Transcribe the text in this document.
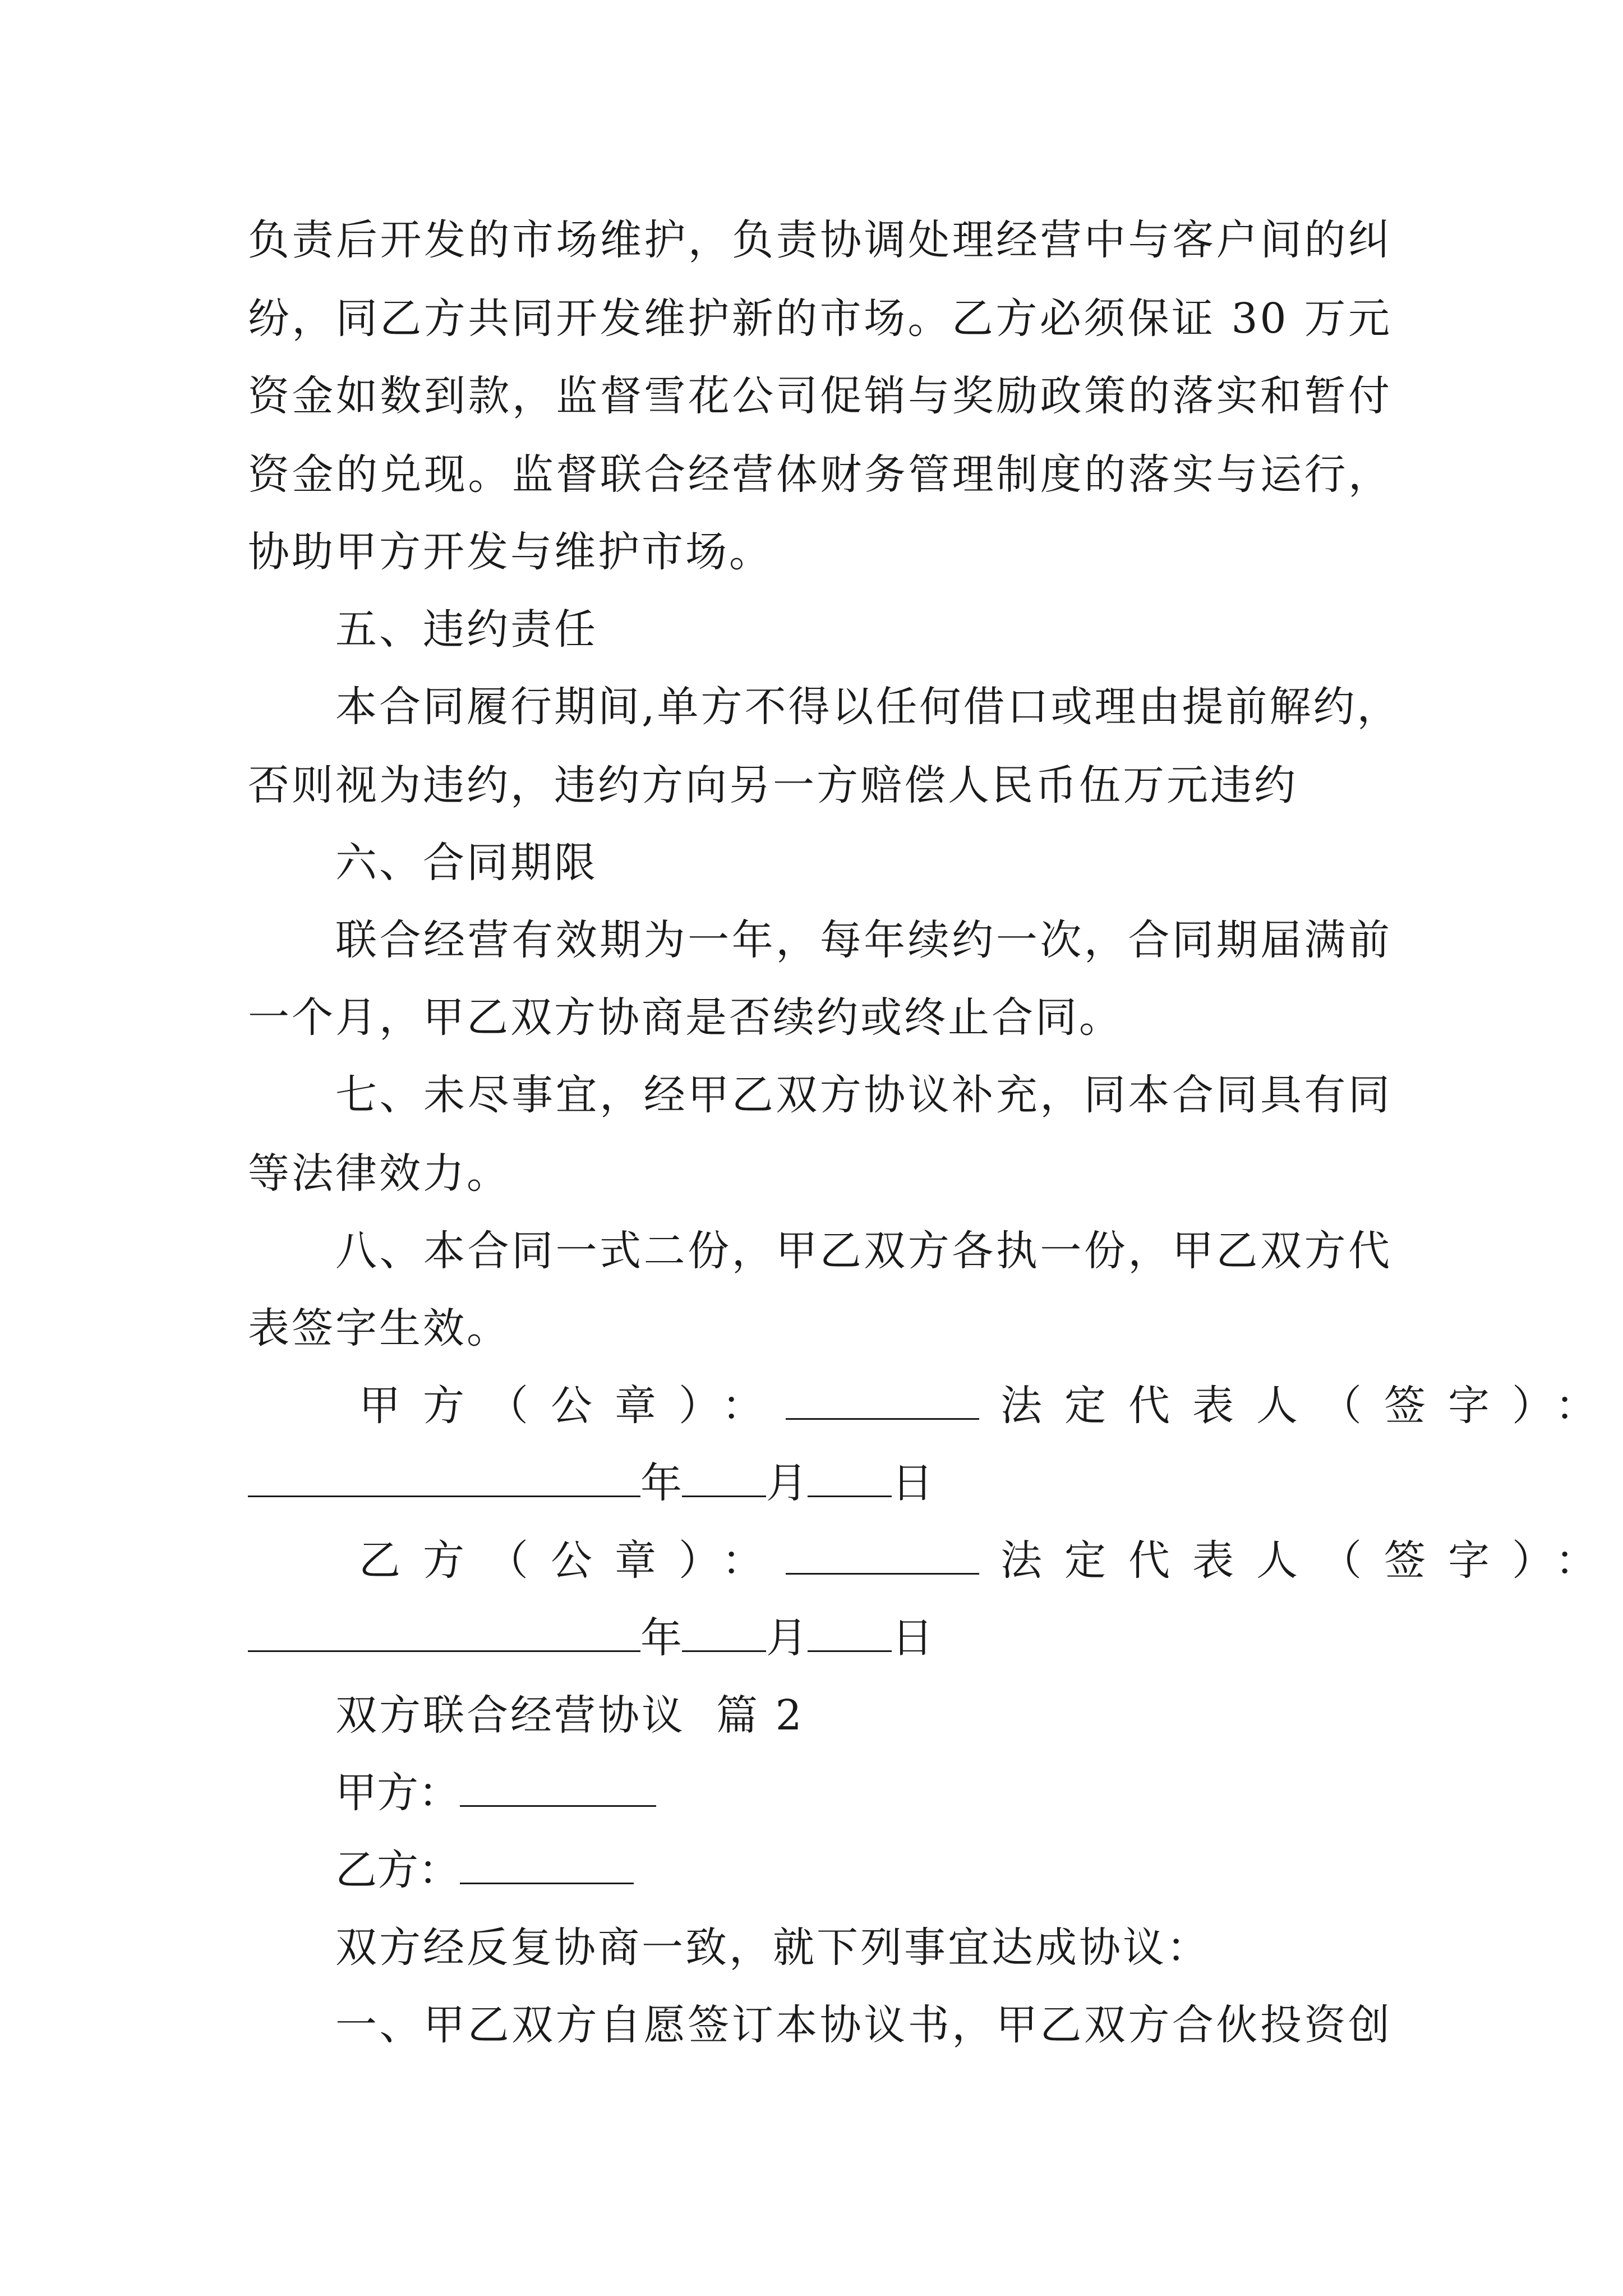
负责后开发的市场维护，负责协调处理经营中与客户间的纠
纷，同乙方共同开发维护新的市场。乙方必须保证 30 万元
资金如数到款，监督雪花公司促销与奖励政策的落实和暂付
资金的兑现。监督联合经营体财务管理制度的落实与运行，
协助甲方开发与维护市场。
五、违约责任
本合同履行期间,单方不得以任何借口或理由提前解约，
否则视为违约，违约方向另一方赔偿人民币伍万元违约
六、合同期限
联合经营有效期为一年，每年续约一次，合同期届满前
一个月，甲乙双方协商是否续约或终止合同。
七、未尽事宜，经甲乙双方协议补充，同本合同具有同
等法律效力。
八、本合同一式二份，甲乙双方各执一份，甲乙双方代
表签字生效。
甲方（公章）：	法定代表人（签字）：
年 月 日
乙方（公章）：	法定代表人（签字）：
年 月 日
双方联合经营协议  篇 2
甲方：
乙方：
双方经反复协商一致，就下列事宜达成协议：
一、甲乙双方自愿签订本协议书，甲乙双方合伙投资创
